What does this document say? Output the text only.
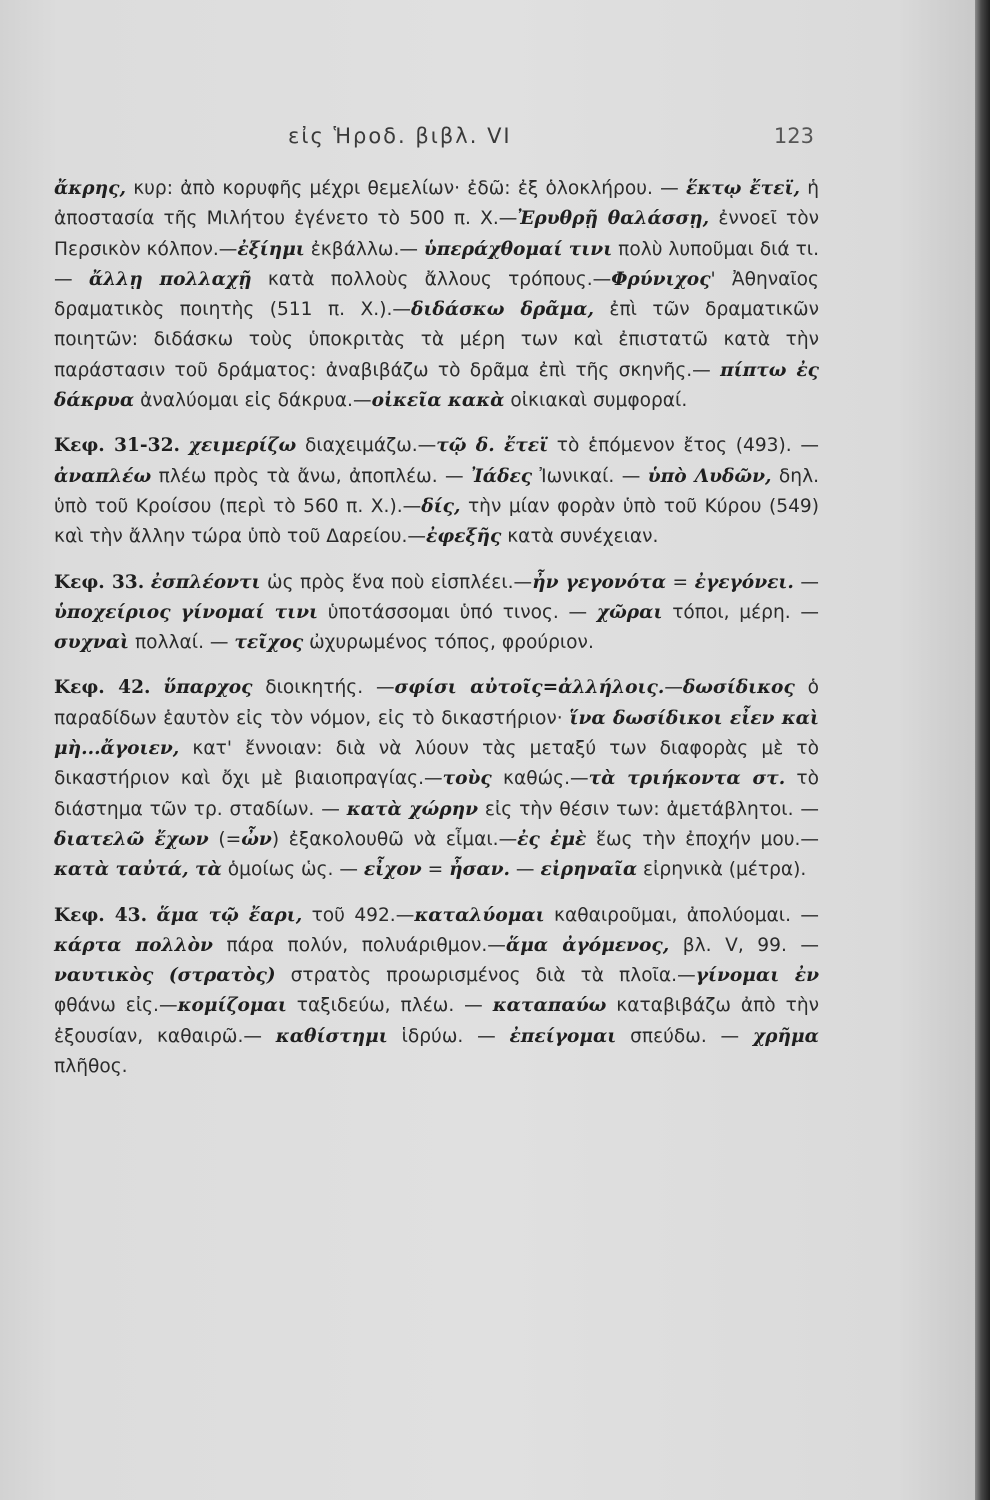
εἰς Ἡροδ. βιβλ. VI	123

ἄκρης, κυρ: ἀπὸ κορυφῆς μέχρι θεμελίων· ἐδῶ: ἐξ ὁλοκλήρου. — ἕκτῳ ἔτεϊ, ἡ ἀποστασία τῆς Μιλήτου ἐγένετο τὸ 500 π. Χ.—Ἐρυθρῇ θαλάσσῃ, ἐννοεῖ τὸν Περσικὸν κόλπον.—ἐξίημι ἐκβάλλω.— ὑπεράχθομαί τινι πολὺ λυποῦμαι διά τι. — ἄλλῃ πολλαχῇ κατὰ πολλοὺς ἄλλους τρόπους.—Φρύνιχος' Ἀθηναῖος δραματικὸς ποιητὴς (511 π. Χ.).—διδάσκω δρᾶμα, ἐπὶ τῶν δραματικῶν ποιητῶν: διδάσκω τοὺς ὑποκριτὰς τὰ μέρη των καὶ ἐπιστατῶ κατὰ τὴν παράστασιν τοῦ δράματος: ἀναβιβάζω τὸ δρᾶμα ἐπὶ τῆς σκηνῆς.— πίπτω ἐς δάκρυα ἀναλύομαι εἰς δάκρυα.—οἰκεῖα κακὰ οἰκιακαὶ συμφοραί.

Κεφ. 31-32. χειμερίζω διαχειμάζω.—τῷ δ. ἔτεϊ τὸ ἑπόμενον ἔτος (493). — ἀναπλέω πλέω πρὸς τὰ ἄνω, ἀποπλέω. — Ἰάδες Ἰωνικαί. — ὑπὸ Λυδῶν, δηλ. ὑπὸ τοῦ Κροίσου (περὶ τὸ 560 π. Χ.).—δίς, τὴν μίαν φορὰν ὑπὸ τοῦ Κύρου (549) καὶ τὴν ἄλλην τώρα ὑπὸ τοῦ Δαρείου.—ἐφεξῆς κατὰ συνέχειαν.

Κεφ. 33. ἐσπλέοντι ὡς πρὸς ἕνα ποὺ εἰσπλέει.—ἦν γεγονότα = ἐγεγόνει. — ὑποχείριος γίνομαί τινι ὑποτάσσομαι ὑπό τινος. — χῶραι τόποι, μέρη. — συχναὶ πολλαί. — τεῖχος ὠχυρωμένος τόπος, φρούριον.

Κεφ. 42. ὕπαρχος διοικητής. —σφίσι αὐτοῖς=ἀλλήλοις.—δωσίδικος ὁ παραδίδων ἑαυτὸν εἰς τὸν νόμον, εἰς τὸ δικαστήριον· ἵνα δωσίδικοι εἶεν καὶ μὴ...ἄγοιεν, κατ' ἔννοιαν: διὰ νὰ λύουν τὰς μεταξύ των διαφορὰς μὲ τὸ δικαστήριον καὶ ὄχι μὲ βιαιοπραγίας.—τοὺς καθώς.—τὰ τριήκοντα στ. τὸ διάστημα τῶν τρ. σταδίων. — κατὰ χώρην εἰς τὴν θέσιν των: ἀμετάβλητοι. — διατελῶ ἔχων (=ὦν) ἐξακολουθῶ νὰ εἶμαι.—ἐς ἐμὲ ἕως τὴν ἐποχήν μου.— κατὰ ταὐτά, τὰ ὁμοίως ὡς. — εἶχον = ἦσαν. — εἰρηναῖα εἰρηνικὰ (μέτρα).

Κεφ. 43. ἅμα τῷ ἔαρι, τοῦ 492.—καταλύομαι καθαιροῦμαι, ἀπολύομαι. — κάρτα πολλὸν πάρα πολύν, πολυάριθμον.—ἅμα ἀγόμενος, βλ. V, 99. — ναυτικὸς (στρατὸς) στρατὸς προωρισμένος διὰ τὰ πλοῖα.—γίνομαι ἐν φθάνω εἰς.—κομίζομαι ταξιδεύω, πλέω. — καταπαύω καταβιβάζω ἀπὸ τὴν ἐξουσίαν, καθαιρῶ.— καθίστημι ἱδρύω. — ἐπείγομαι σπεύδω. — χρῆμα πλῆθος.
